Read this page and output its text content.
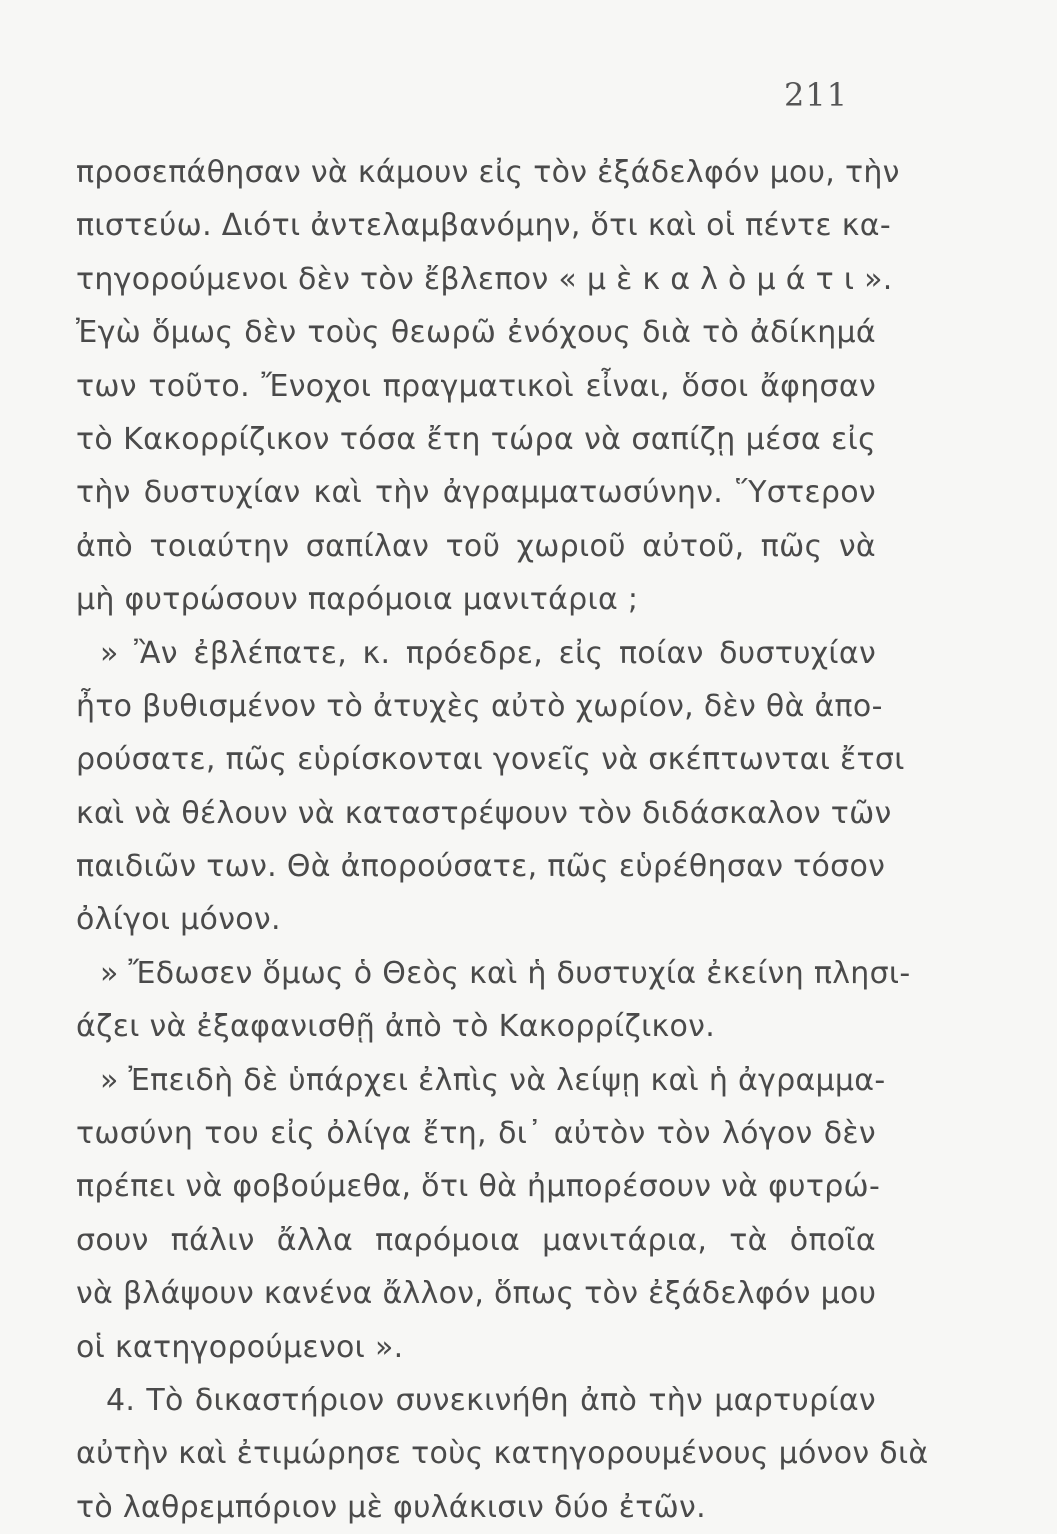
211
προσεπάθησαν νὰ κάμουν εἰς τὸν ἐξάδελφόν μου, τὴν
πιστεύω. Διότι ἀντελαμβανόμην, ὅτι καὶ οἱ πέντε κα-
τηγορούμενοι δὲν τὸν ἔβλεπον « μ ὲ κ α λ ὸ μ ά τ ι ».
Ἐγὼ ὅμως δὲν τοὺς θεωρῶ ἐνόχους διὰ τὸ ἀδίκημά
των τοῦτο. Ἔνοχοι πραγματικοὶ εἶναι, ὅσοι ἄφησαν
τὸ Κακορρίζικον τόσα ἔτη τώρα νὰ σαπίζῃ μέσα εἰς
τὴν δυστυχίαν καὶ τὴν ἀγραμματωσύνην. Ὕστερον
ἀπὸ τοιαύτην σαπίλαν τοῦ χωριοῦ αὐτοῦ, πῶς νὰ
μὴ φυτρώσουν παρόμοια μανιτάρια ;
» Ἂν ἐβλέπατε, κ. πρόεδρε, εἰς ποίαν δυστυχίαν
ἦτο βυθισμένον τὸ ἀτυχὲς αὐτὸ χωρίον, δὲν θὰ ἀπο-
ρούσατε, πῶς εὑρίσκονται γονεῖς νὰ σκέπτωνται ἔτσι
καὶ νὰ θέλουν νὰ καταστρέψουν τὸν διδάσκαλον τῶν
παιδιῶν των. Θὰ ἀπορούσατε, πῶς εὑρέθησαν τόσον
ὀλίγοι μόνον.
» Ἔδωσεν ὅμως ὁ Θεὸς καὶ ἡ δυστυχία ἐκείνη πλησι-
άζει νὰ ἐξαφανισθῇ ἀπὸ τὸ Κακορρίζικον.
» Ἐπειδὴ δὲ ὑπάρχει ἐλπὶς νὰ λείψῃ καὶ ἡ ἀγραμμα-
τωσύνη του εἰς ὀλίγα ἔτη, δι᾿ αὐτὸν τὸν λόγον δὲν
πρέπει νὰ φοβούμεθα, ὅτι θὰ ἠμπορέσουν νὰ φυτρώ-
σουν πάλιν ἄλλα παρόμοια μανιτάρια, τὰ ὁποῖα
νὰ βλάψουν κανένα ἄλλον, ὅπως τὸν ἐξάδελφόν μου
οἱ κατηγορούμενοι ».
4. Τὸ δικαστήριον συνεκινήθη ἀπὸ τὴν μαρτυρίαν
αὐτὴν καὶ ἐτιμώρησε τοὺς κατηγορουμένους μόνον διὰ
τὸ λαθρεμπόριον μὲ φυλάκισιν δύο ἐτῶν.
